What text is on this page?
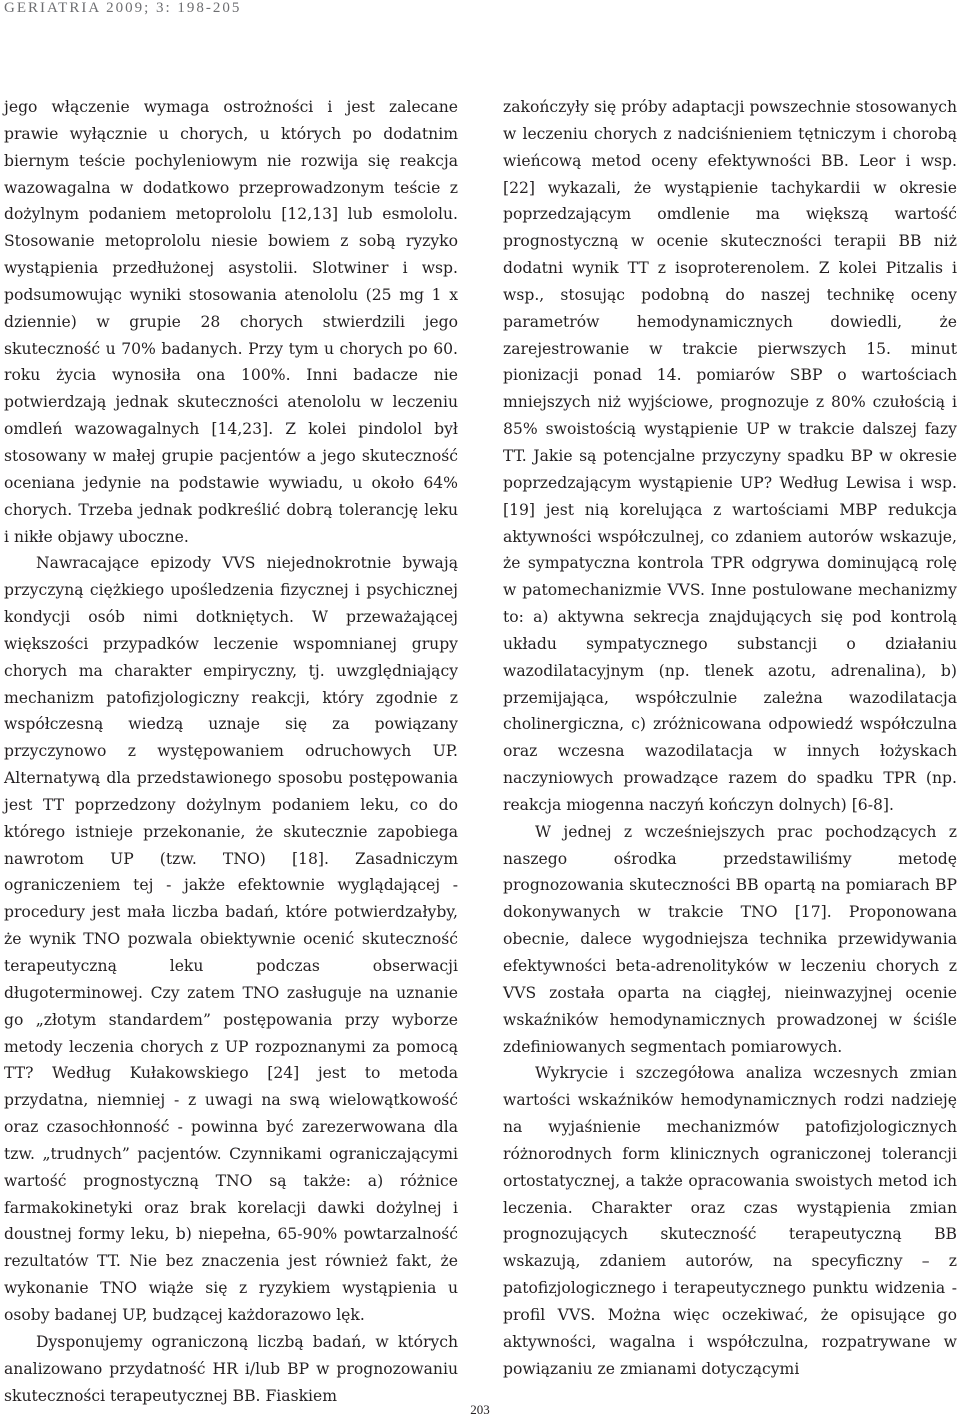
GERIATRIA 2009; 3: 198-205

jego włączenie wymaga ostrożności i jest zalecane prawie wyłącznie u chorych, u których po dodatnim biernym teście pochyleniowym nie rozwija się reakcja wazowagalna w dodatkowo przeprowadzonym teście z dożylnym podaniem metoprololu [12,13] lub esmololu. Stosowanie metoprololu niesie bowiem z sobą ryzyko wystąpienia przedłużonej asystolii. Slotwiner i wsp. podsumowując wyniki stosowania atenololu (25 mg 1 x dziennie) w grupie 28 chorych stwierdzili jego skuteczność u 70% badanych. Przy tym u chorych po 60. roku życia wynosiła ona 100%. Inni badacze nie potwierdzają jednak skuteczności atenololu w leczeniu omdleń wazowagalnych [14,23]. Z kolei pindolol był stosowany w małej grupie pacjentów a jego skuteczność oceniana jedynie na podstawie wywiadu, u około 64% chorych. Trzeba jednak podkreślić dobrą tolerancję leku i nikłe objawy uboczne.

Nawracające epizody VVS niejednokrotnie bywają przyczyną ciężkiego upośledzenia fizycznej i psychicznej kondycji osób nimi dotkniętych. W przeważającej większości przypadków leczenie wspomnianej grupy chorych ma charakter empiryczny, tj. uwzględniający mechanizm patofizjologiczny reakcji, który zgodnie z współczesną wiedzą uznaje się za powiązany przyczynowo z występowaniem odruchowych UP. Alternatywą dla przedstawionego sposobu postępowania jest TT poprzedzony dożylnym podaniem leku, co do którego istnieje przekonanie, że skutecznie zapobiega nawrotom UP (tzw. TNO) [18]. Zasadniczym ograniczeniem tej - jakże efektownie wyglądającej - procedury jest mała liczba badań, które potwierdzałyby, że wynik TNO pozwala obiektywnie ocenić skuteczność terapeutyczną leku podczas obserwacji długoterminowej. Czy zatem TNO zasługuje na uznanie go „złotym standardem” postępowania przy wyborze metody leczenia chorych z UP rozpoznanymi za pomocą TT? Według Kułakowskiego [24] jest to metoda przydatna, niemniej - z uwagi na swą wielowątkowość oraz czasochłonność - powinna być zarezerwowana dla tzw. „trudnych” pacjentów. Czynnikami ograniczającymi wartość prognostyczną TNO są także: a) różnice farmakokinetyki oraz brak korelacji dawki dożylnej i doustnej formy leku, b) niepełna, 65-90% powtarzalność rezultatów TT. Nie bez znaczenia jest również fakt, że wykonanie TNO wiąże się z ryzykiem wystąpienia u osoby badanej UP, budzącej każdorazowo lęk.

Dysponujemy ograniczoną liczbą badań, w których analizowano przydatność HR i/lub BP w prognozowaniu skuteczności terapeutycznej BB. Fiaskiem

zakończyły się próby adaptacji powszechnie stosowanych w leczeniu chorych z nadciśnieniem tętniczym i chorobą wieńcową metod oceny efektywności BB. Leor i wsp. [22] wykazali, że wystąpienie tachykardii w okresie poprzedzającym omdlenie ma większą wartość prognostyczną w ocenie skuteczności terapii BB niż dodatni wynik TT z isoproterenolem. Z kolei Pitzalis i wsp., stosując podobną do naszej technikę oceny parametrów hemodynamicznych dowiedli, że zarejestrowanie w trakcie pierwszych 15. minut pionizacji ponad 14. pomiarów SBP o wartościach mniejszych niż wyjściowe, prognozuje z 80% czułością i 85% swoistością wystąpienie UP w trakcie dalszej fazy TT. Jakie są potencjalne przyczyny spadku BP w okresie poprzedzającym wystąpienie UP? Według Lewisa i wsp. [19] jest nią korelująca z wartościami MBP redukcja aktywności współczulnej, co zdaniem autorów wskazuje, że sympatyczna kontrola TPR odgrywa dominującą rolę w patomechanizmie VVS. Inne postulowane mechanizmy to: a) aktywna sekrecja znajdujących się pod kontrolą układu sympatycznego substancji o działaniu wazodilatacyjnym (np. tlenek azotu, adrenalina), b) przemijająca, współczulnie zależna wazodilatacja cholinergiczna, c) zróżnicowana odpowiedź współczulna oraz wczesna wazodilatacja w innych łożyskach naczyniowych prowadzące razem do spadku TPR (np. reakcja miogenna naczyń kończyn dolnych) [6-8].

W jednej z wcześniejszych prac pochodzących z naszego ośrodka przedstawiliśmy metodę prognozowania skuteczności BB opartą na pomiarach BP dokonywanych w trakcie TNO [17]. Proponowana obecnie, dalece wygodniejsza technika przewidywania efektywności beta-adrenolityków w leczeniu chorych z VVS została oparta na ciągłej, nieinwazyjnej ocenie wskaźników hemodynamicznych prowadzonej w ściśle zdefiniowanych segmentach pomiarowych.

Wykrycie i szczegółowa analiza wczesnych zmian wartości wskaźników hemodynamicznych rodzi nadzieję na wyjaśnienie mechanizmów patofizjologicznych różnorodnych form klinicznych ograniczonej tolerancji ortostatycznej, a także opracowania swoistych metod ich leczenia. Charakter oraz czas wystąpienia zmian prognozujących skuteczność terapeutyczną BB wskazują, zdaniem autorów, na specyficzny – z patofizjologicznego i terapeutycznego punktu widzenia - profil VVS. Można więc oczekiwać, że opisujące go aktywności, wagalna i współczulna, rozpatrywane w powiązaniu ze zmianami dotyczącymi

203
